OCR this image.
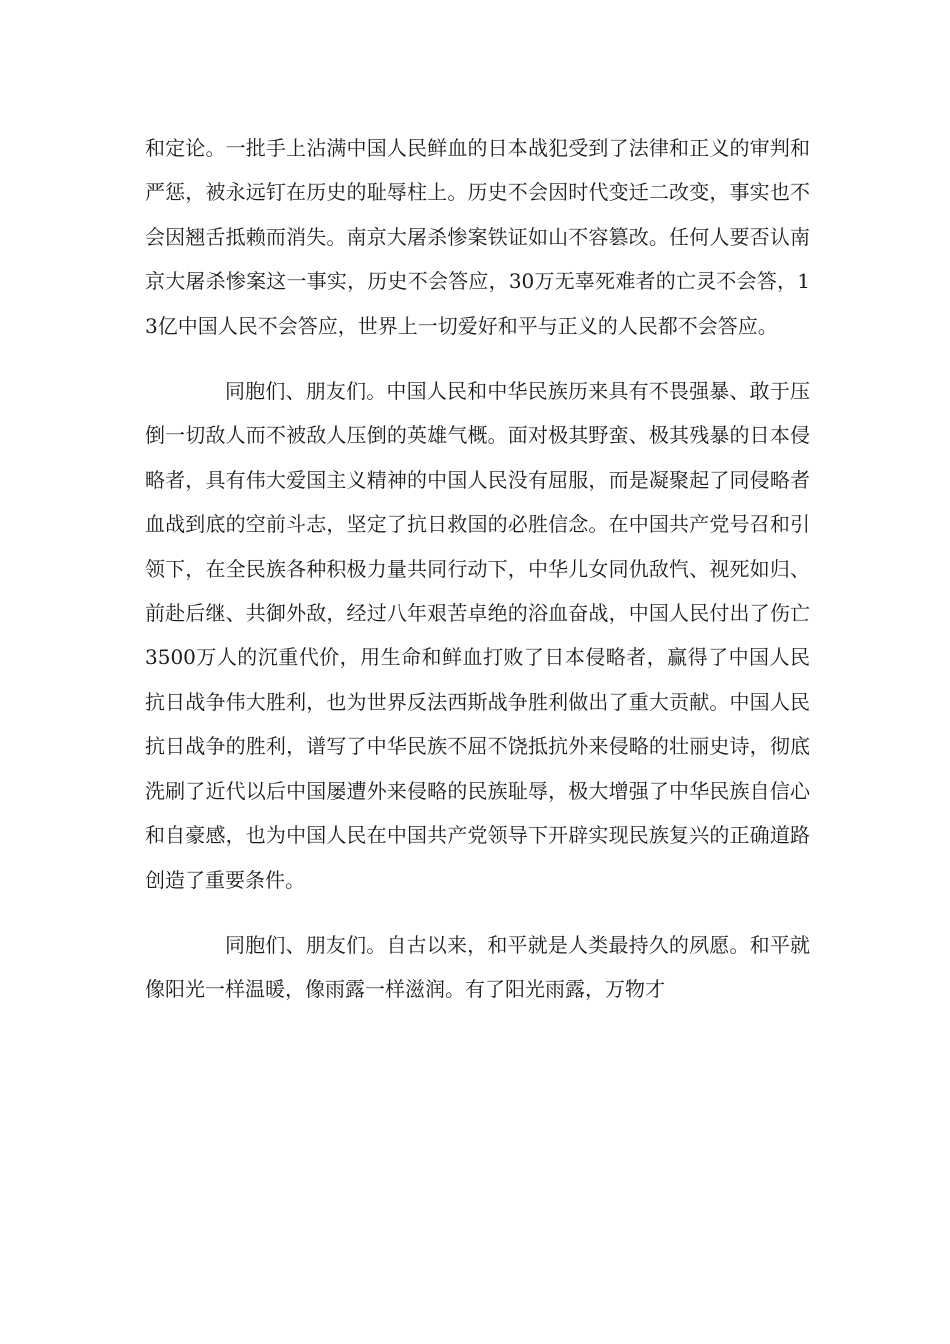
和定论。一批手上沾满中国人民鲜血的日本战犯受到了法律和正义的审判和严惩，被永远钉在历史的耻辱柱上。历史不会因时代变迁二改变，事实也不会因翘舌抵赖而消失。南京大屠杀惨案铁证如山不容篡改。任何人要否认南京大屠杀惨案这一事实，历史不会答应，30万无辜死难者的亡灵不会答，13亿中国人民不会答应，世界上一切爱好和平与正义的人民都不会答应。

同胞们、朋友们。中国人民和中华民族历来具有不畏强暴、敢于压倒一切敌人而不被敌人压倒的英雄气概。面对极其野蛮、极其残暴的日本侵略者，具有伟大爱国主义精神的中国人民没有屈服，而是凝聚起了同侵略者血战到底的空前斗志，坚定了抗日救国的必胜信念。在中国共产党号召和引领下，在全民族各种积极力量共同行动下，中华儿女同仇敌忾、视死如归、前赴后继、共御外敌，经过八年艰苦卓绝的浴血奋战，中国人民付出了伤亡3500万人的沉重代价，用生命和鲜血打败了日本侵略者，赢得了中国人民抗日战争伟大胜利，也为世界反法西斯战争胜利做出了重大贡献。中国人民抗日战争的胜利，谱写了中华民族不屈不饶抵抗外来侵略的壮丽史诗，彻底洗刷了近代以后中国屡遭外来侵略的民族耻辱，极大增强了中华民族自信心和自豪感，也为中国人民在中国共产党领导下开辟实现民族复兴的正确道路创造了重要条件。

同胞们、朋友们。自古以来，和平就是人类最持久的夙愿。和平就像阳光一样温暖，像雨露一样滋润。有了阳光雨露，万物才
